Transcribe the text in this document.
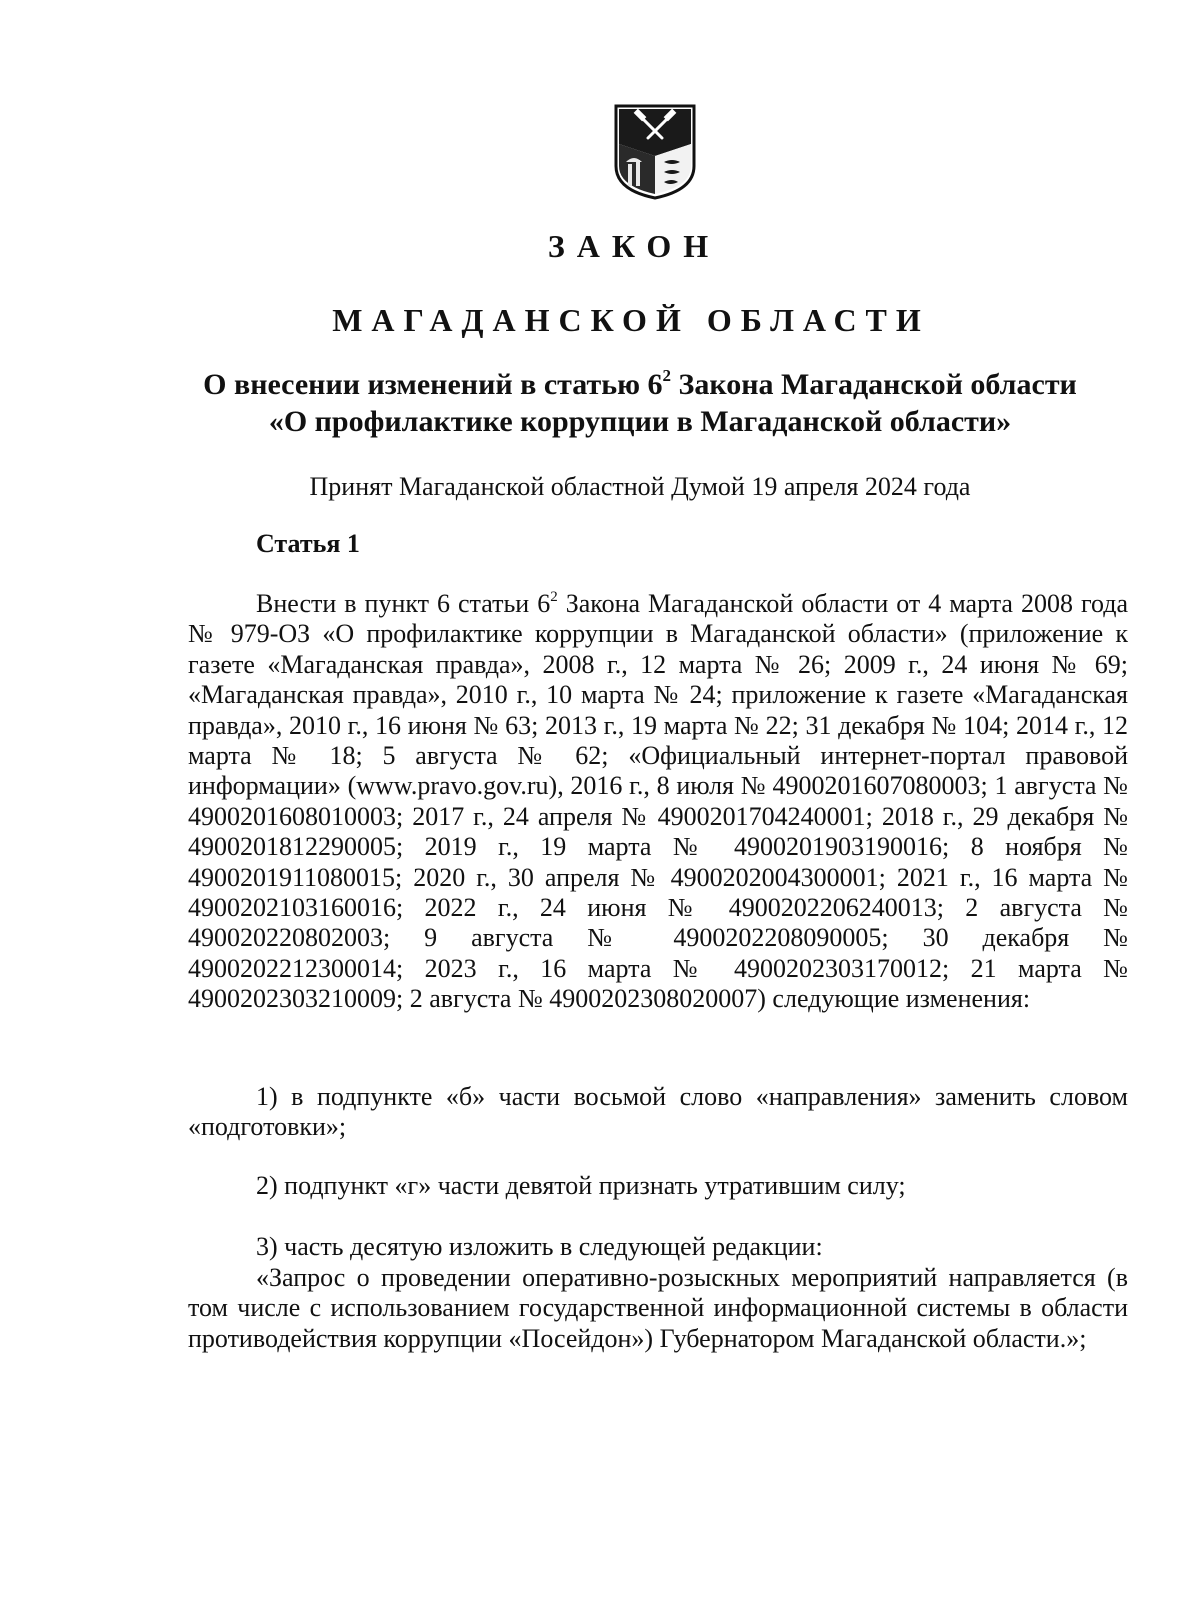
ЗАКОН
МАГАДАНСКОЙ ОБЛАСТИ
О внесении изменений в статью $6^2$ Закона Магаданской области
«О профилактике коррупции в Магаданской области»
Принят Магаданской областной Думой 19 апреля 2024 года
Статья 1
Внести в пункт 6 статьи $6^2$ Закона Магаданской области от 4 марта 2008 года № 979-ОЗ «О профилактике коррупции в Магаданской области» (приложение к газете «Магаданская правда», 2008 г., 12 марта № 26; 2009 г., 24 июня № 69; «Магаданская правда», 2010 г., 10 марта № 24; приложение к газете «Магаданская правда», 2010 г., 16 июня № 63; 2013 г., 19 марта № 22; 31 декабря № 104; 2014 г., 12 марта № 18; 5 августа № 62; «Официальный интернет-портал правовой информации» (www.pravo.gov.ru), 2016 г., 8 июля № 4900201607080003; 1 августа № 4900201608010003; 2017 г., 24 апреля № 4900201704240001; 2018 г., 29 декабря № 4900201812290005; 2019 г., 19 марта № 4900201903190016; 8 ноября № 4900201911080015; 2020 г., 30 апреля № 4900202004300001; 2021 г., 16 марта № 4900202103160016; 2022 г., 24 июня № 4900202206240013; 2 августа № 490020220802003; 9 августа № 4900202208090005; 30 декабря № 4900202212300014; 2023 г., 16 марта № 4900202303170012; 21 марта № 4900202303210009; 2 августа № 4900202308020007) следующие изменения:
1) в подпункте «б» части восьмой слово «направления» заменить словом «подготовки»;
2) подпункт «г» части девятой признать утратившим силу;
3) часть десятую изложить в следующей редакции:
«Запрос о проведении оперативно-розыскных мероприятий направляется (в том числе с использованием государственной информационной системы в области противодействия коррупции «Посейдон») Губернатором Магаданской области.»;
